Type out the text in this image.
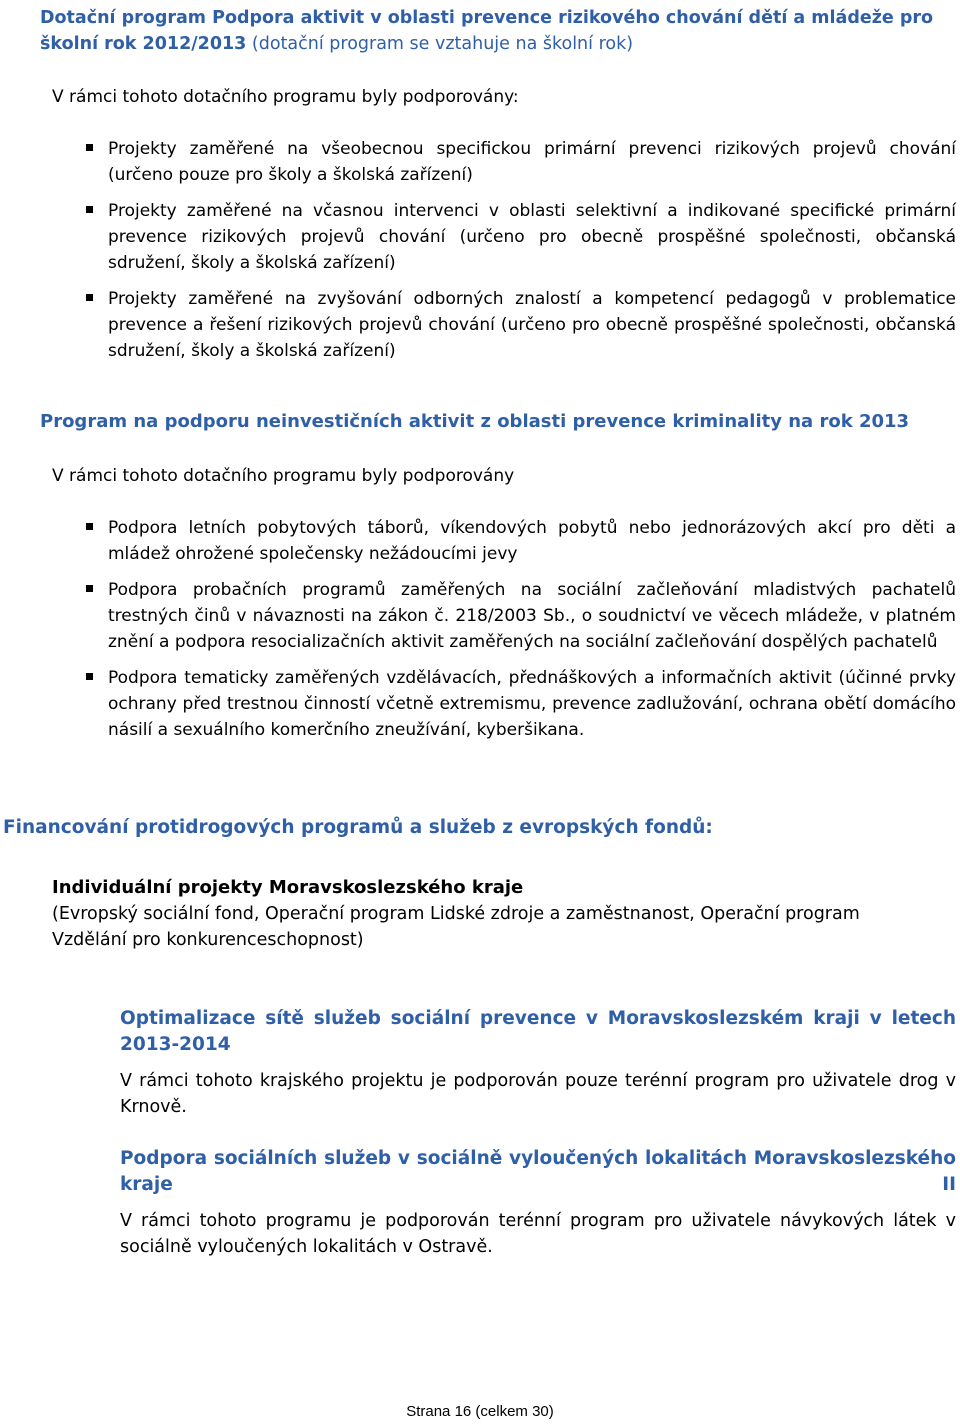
Dotační program Podpora aktivit v oblasti prevence rizikového chování dětí a mládeže pro školní rok 2012/2013 (dotační program se vztahuje na školní rok)
V rámci tohoto dotačního programu byly podporovány:
Projekty zaměřené na všeobecnou specifickou primární prevenci rizikových projevů chování (určeno pouze pro školy a školská zařízení)
Projekty zaměřené na včasnou intervenci v oblasti selektivní a indikované specifické primární prevence rizikových projevů chování (určeno pro obecně prospěšné společnosti, občanská sdružení, školy a školská zařízení)
Projekty zaměřené na zvyšování odborných znalostí a kompetencí pedagogů v problematice prevence a řešení rizikových projevů chování (určeno pro obecně prospěšné společnosti, občanská sdružení, školy a školská zařízení)
Program na podporu neinvestičních aktivit z oblasti prevence kriminality na rok 2013
V rámci tohoto dotačního programu byly podporovány
Podpora letních pobytových táborů, víkendových pobytů nebo jednorázových akcí pro děti a mládež ohrožené společensky nežádoucími jevy
Podpora probačních programů zaměřených na sociální začleňování mladistvých pachatelů trestných činů v návaznosti na zákon č. 218/2003 Sb., o soudnictví ve věcech mládeže, v platném znění a podpora resocializačních aktivit zaměřených na sociální začleňování dospělých pachatelů
Podpora tematicky zaměřených vzdělávacích, přednáškových a informačních aktivit (účinné prvky ochrany před trestnou činností včetně extremismu, prevence zadlužování, ochrana obětí domácího násilí a sexuálního komerčního zneužívání, kyberšikana.
Financování protidrogových programů a služeb z evropských fondů:
Individuální projekty Moravskoslezského kraje
(Evropský sociální fond, Operační program Lidské zdroje a zaměstnanost, Operační program Vzdělání pro konkurenceschopnost)
Optimalizace sítě služeb sociální prevence v Moravskoslezském kraji v letech 2013-2014
V rámci tohoto krajského projektu je podporován pouze terénní program pro uživatele drog v Krnově.
Podpora sociálních služeb v sociálně vyloučených lokalitách Moravskoslezského kraje II
V rámci tohoto programu je podporován terénní program pro uživatele návykových látek v sociálně vyloučených lokalitách v Ostravě.
Strana 16 (celkem 30)
